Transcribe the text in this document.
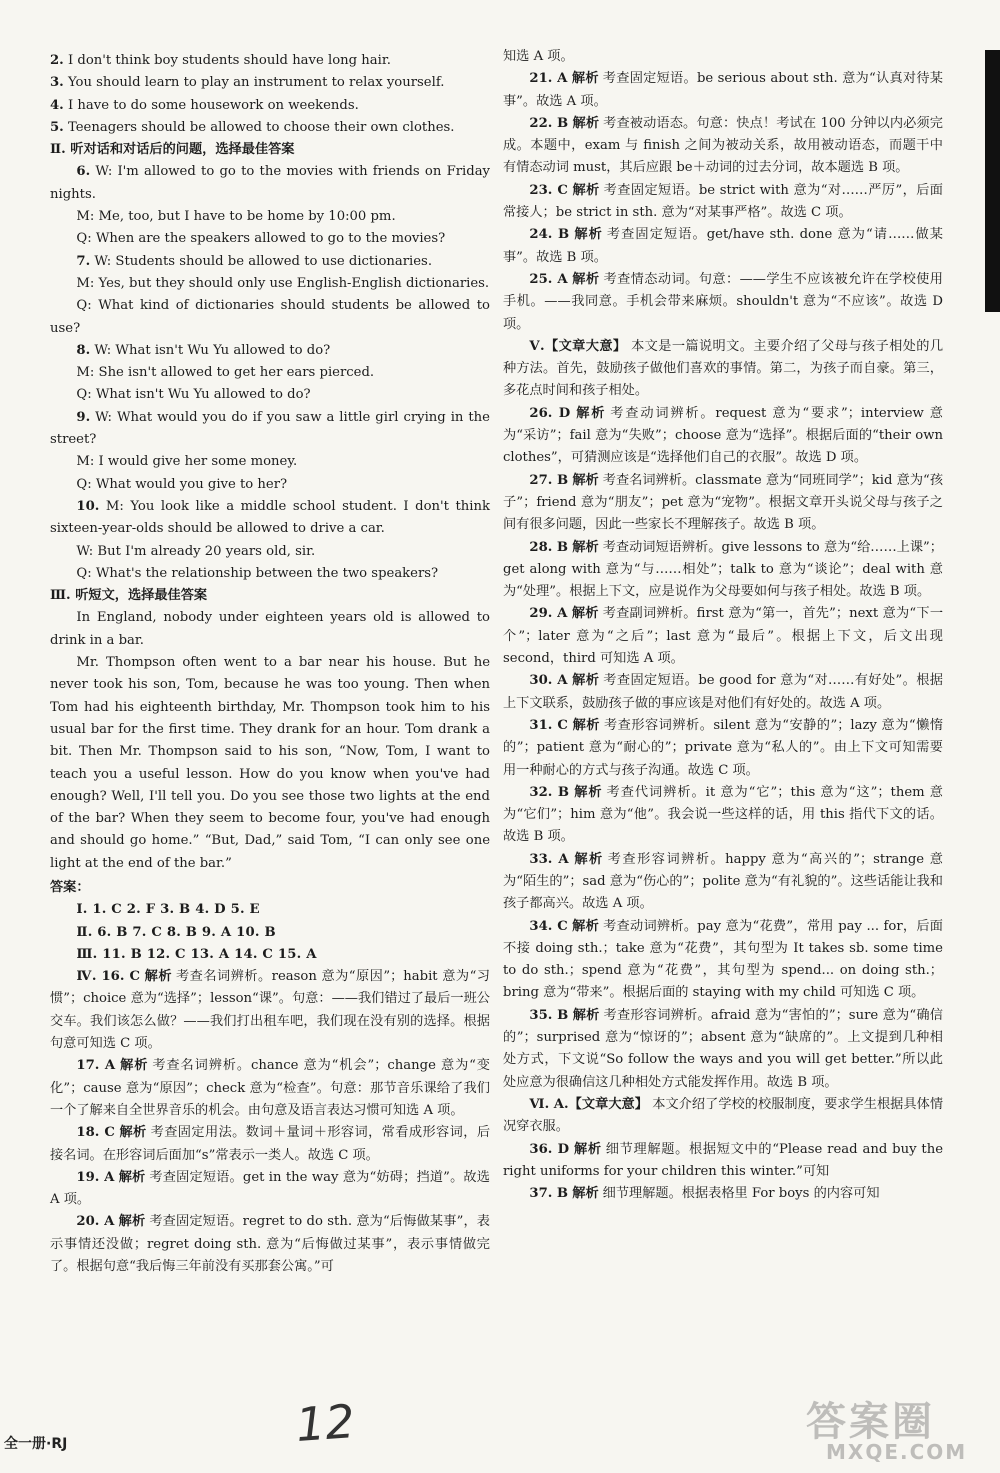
2. I don't think boy students should have long hair.

3. You should learn to play an instrument to relax yourself.

4. I have to do some housework on weekends.

5. Teenagers should be allowed to choose their own clothes.

Ⅱ. 听对话和对话后的问题，选择最佳答案

6. W: I'm allowed to go to the movies with friends on Friday nights.

M: Me, too, but I have to be home by 10:00 pm.

Q: When are the speakers allowed to go to the movies?

7. W: Students should be allowed to use dictionaries.

M: Yes, but they should only use English-English dictionaries.

Q: What kind of dictionaries should students be allowed to use?

8. W: What isn't Wu Yu allowed to do?

M: She isn't allowed to get her ears pierced.

Q: What isn't Wu Yu allowed to do?

9. W: What would you do if you saw a little girl crying in the street?

M: I would give her some money.

Q: What would you give to her?

10. M: You look like a middle school student. I don't think sixteen-year-olds should be allowed to drive a car.

W: But I'm already 20 years old, sir.

Q: What's the relationship between the two speakers?

Ⅲ. 听短文，选择最佳答案

In England, nobody under eighteen years old is allowed to drink in a bar.

Mr. Thompson often went to a bar near his house. But he never took his son, Tom, because he was too young. Then when Tom had his eighteenth birthday, Mr. Thompson took him to his usual bar for the first time. They drank for an hour. Tom drank a bit. Then Mr. Thompson said to his son, “Now, Tom, I want to teach you a useful lesson. How do you know when you've had enough? Well, I'll tell you. Do you see those two lights at the end of the bar? When they seem to become four, you've had enough and should go home.” “But, Dad,” said Tom, “I can only see one light at the end of the bar.”

答案：

Ⅰ. 1. C 2. F 3. B 4. D 5. E

Ⅱ. 6. B 7. C 8. B 9. A 10. B

Ⅲ. 11. B 12. C 13. A 14. C 15. A

Ⅳ. 16. C 解析 考查名词辨析。reason 意为“原因”；habit 意为“习惯”；choice 意为“选择”；lesson“课”。句意：——我们错过了最后一班公交车。我们该怎么做？——我们打出租车吧，我们现在没有别的选择。根据句意可知选 C 项。

17. A 解析 考查名词辨析。chance 意为“机会”；change 意为“变化”；cause 意为“原因”；check 意为“检查”。句意：那节音乐课给了我们一个了解来自全世界音乐的机会。由句意及语言表达习惯可知选 A 项。

18. C 解析 考查固定用法。数词＋量词＋形容词，常看成形容词，后接名词。在形容词后面加“s”常表示一类人。故选 C 项。

19. A 解析 考查固定短语。get in the way 意为“妨碍；挡道”。故选 A 项。

20. A 解析 考查固定短语。regret to do sth. 意为“后悔做某事”，表示事情还没做；regret doing sth. 意为“后悔做过某事”，表示事情做完了。根据句意“我后悔三年前没有买那套公寓。”可

知选 A 项。

21. A 解析 考查固定短语。be serious about sth. 意为“认真对待某事”。故选 A 项。

22. B 解析 考查被动语态。句意：快点！考试在 100 分钟以内必须完成。本题中，exam 与 finish 之间为被动关系，故用被动语态，而题干中有情态动词 must，其后应跟 be＋动词的过去分词，故本题选 B 项。

23. C 解析 考查固定短语。be strict with 意为“对……严厉”，后面常接人；be strict in sth. 意为“对某事严格”。故选 C 项。

24. B 解析 考查固定短语。get/have sth. done 意为“请……做某事”。故选 B 项。

25. A 解析 考查情态动词。句意：——学生不应该被允许在学校使用手机。——我同意。手机会带来麻烦。shouldn't 意为“不应该”。故选 D 项。

Ⅴ.【文章大意】 本文是一篇说明文。主要介绍了父母与孩子相处的几种方法。首先，鼓励孩子做他们喜欢的事情。第二，为孩子而自豪。第三，多花点时间和孩子相处。

26. D 解析 考查动词辨析。request 意为“要求”；interview 意为“采访”；fail 意为“失败”；choose 意为“选择”。根据后面的“their own clothes”，可猜测应该是“选择他们自己的衣服”。故选 D 项。

27. B 解析 考查名词辨析。classmate 意为“同班同学”；kid 意为“孩子”；friend 意为“朋友”；pet 意为“宠物”。根据文章开头说父母与孩子之间有很多问题，因此一些家长不理解孩子。故选 B 项。

28. B 解析 考查动词短语辨析。give lessons to 意为“给……上课”；get along with 意为“与……相处”；talk to 意为“谈论”；deal with 意为“处理”。根据上下文，应是说作为父母要如何与孩子相处。故选 B 项。

29. A 解析 考查副词辨析。first 意为“第一，首先”；next 意为“下一个”；later 意为“之后”；last 意为“最后”。根据上下文，后文出现 second，third 可知选 A 项。

30. A 解析 考查固定短语。be good for 意为“对……有好处”。根据上下文联系，鼓励孩子做的事应该是对他们有好处的。故选 A 项。

31. C 解析 考查形容词辨析。silent 意为“安静的”；lazy 意为“懒惰的”；patient 意为“耐心的”；private 意为“私人的”。由上下文可知需要用一种耐心的方式与孩子沟通。故选 C 项。

32. B 解析 考查代词辨析。it 意为“它”；this 意为“这”；them 意为“它们”；him 意为“他”。我会说一些这样的话，用 this 指代下文的话。故选 B 项。

33. A 解析 考查形容词辨析。happy 意为“高兴的”；strange 意为“陌生的”；sad 意为“伤心的”；polite 意为“有礼貌的”。这些话能让我和孩子都高兴。故选 A 项。

34. C 解析 考查动词辨析。pay 意为“花费”，常用 pay ... for，后面不接 doing sth.；take 意为“花费”，其句型为 It takes sb. some time to do sth.；spend 意为“花费”，其句型为 spend... on doing sth.；bring 意为“带来”。根据后面的 staying with my child 可知选 C 项。

35. B 解析 考查形容词辨析。afraid 意为“害怕的”；sure 意为“确信的”；surprised 意为“惊讶的”；absent 意为“缺席的”。上文提到几种相处方式，下文说“So follow the ways and you will get better.”所以此处应意为很确信这几种相处方式能发挥作用。故选 B 项。

Ⅵ. A.【文章大意】 本文介绍了学校的校服制度，要求学生根据具体情况穿衣服。

36. D 解析 细节理解题。根据短文中的“Please read and buy the right uniforms for your children this winter.”可知

37. B 解析 细节理解题。根据表格里 For boys 的内容可知

全一册·RJ	12	答案圈
MXQE.COM
